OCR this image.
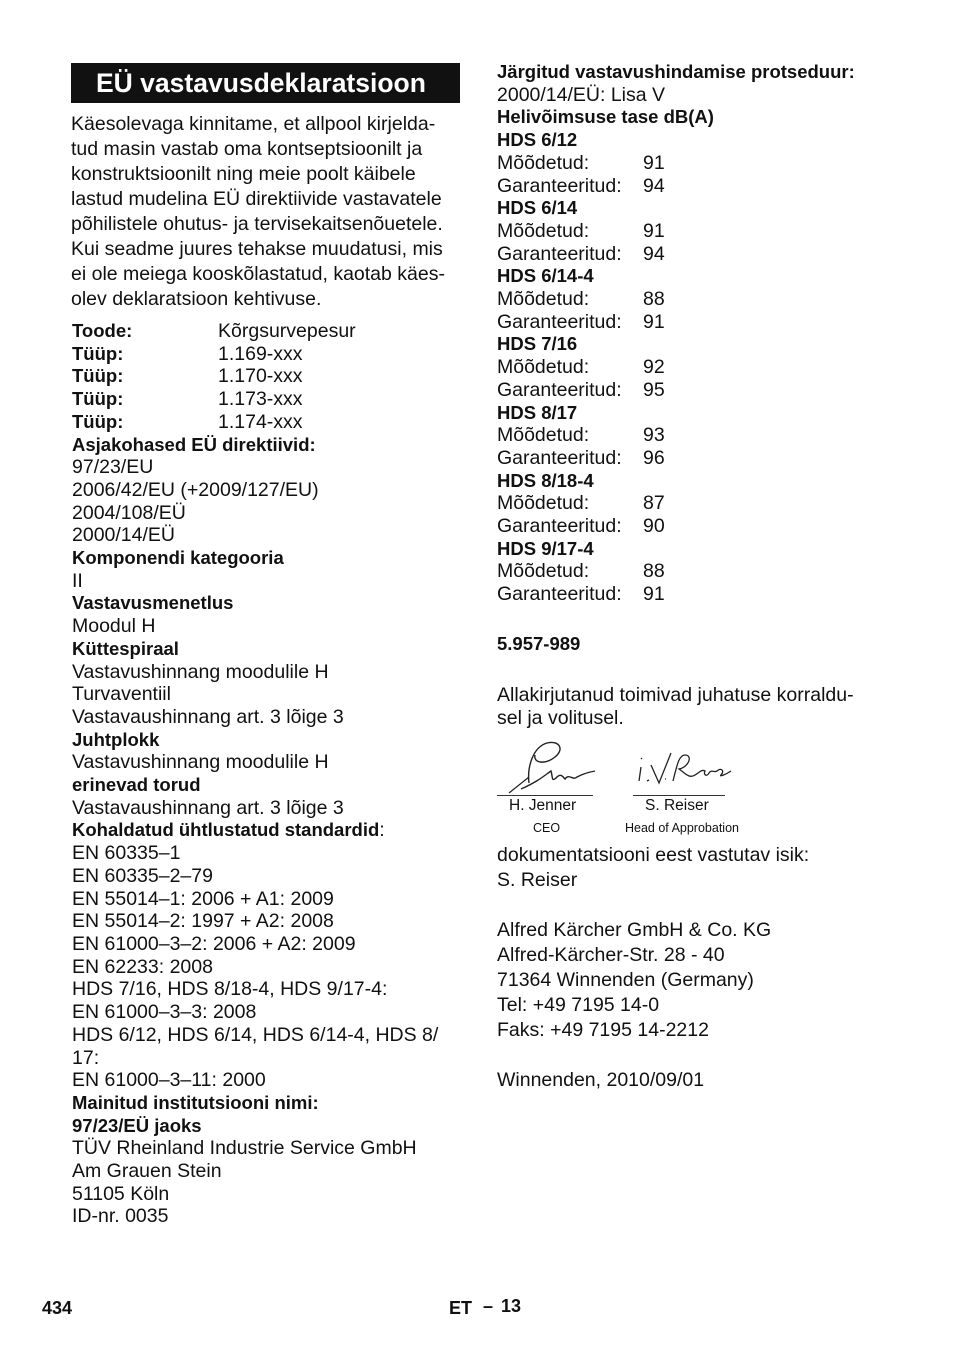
EÜ vastavusdeklaratsioon
Käesolevaga kinnitame, et allpool kirjelda-
tud masin vastab oma kontseptsioonilt ja
konstruktsioonilt ning meie poolt käibele
lastud mudelina EÜ direktiivide vastavatele
põhilistele ohutus- ja tervisekaitsenõuetele.
Kui seadme juures tehakse muudatusi, mis
ei ole meiega kooskõlastatud, kaotab käes-
olev deklaratsioon kehtivuse.
Toode:	Kõrgsurvepesur
Tüüp:	1.169-xxx
Tüüp:	1.170-xxx
Tüüp:	1.173-xxx
Tüüp:	1.174-xxx
Asjakohased EÜ direktiivid:
97/23/EU
2006/42/EU (+2009/127/EU)
2004/108/EÜ
2000/14/EÜ
Komponendi kategooria
II
Vastavusmenetlus
Moodul H
Küttespiraal
Vastavushinnang moodulile H
Turvaventiil
Vastavaushinnang art. 3 lõige 3
Juhtplokk
Vastavushinnang moodulile H
erinevad torud
Vastavaushinnang art. 3 lõige 3
Kohaldatud ühtlustatud standardid:
EN 60335–1
EN 60335–2–79
EN 55014–1: 2006 + A1: 2009
EN 55014–2: 1997 + A2: 2008
EN 61000–3–2: 2006 + A2: 2009
EN 62233: 2008
HDS 7/16, HDS 8/18-4, HDS 9/17-4:
EN 61000–3–3: 2008
HDS 6/12, HDS 6/14, HDS 6/14-4, HDS 8/
17:
EN 61000–3–11: 2000
Mainitud institutsiooni nimi:
97/23/EÜ jaoks
TÜV Rheinland Industrie Service GmbH
Am Grauen Stein
51105 Köln
ID-nr. 0035
Järgitud vastavushindamise protseduur:
2000/14/EÜ: Lisa V
Helivõimsuse tase dB(A)
HDS 6/12
Mõõdetud:	91
Garanteeritud:	94
HDS 6/14
Mõõdetud:	91
Garanteeritud:	94
HDS 6/14-4
Mõõdetud:	88
Garanteeritud:	91
HDS 7/16
Mõõdetud:	92
Garanteeritud:	95
HDS 8/17
Mõõdetud:	93
Garanteeritud:	96
HDS 8/18-4
Mõõdetud:	87
Garanteeritud:	90
HDS 9/17-4
Mõõdetud:	88
Garanteeritud:	91
5.957-989
Allakirjutanud toimivad juhatuse korraldu-
sel ja volitusel.
H. Jenner
CEO
S. Reiser
Head of Approbation
dokumentatsiooni eest vastutav isik:
S. Reiser
Alfred Kärcher GmbH & Co. KG
Alfred-Kärcher-Str. 28 - 40
71364 Winnenden (Germany)
Tel: +49 7195 14-0
Faks: +49 7195 14-2212
Winnenden, 2010/09/01
434	ET – 13
